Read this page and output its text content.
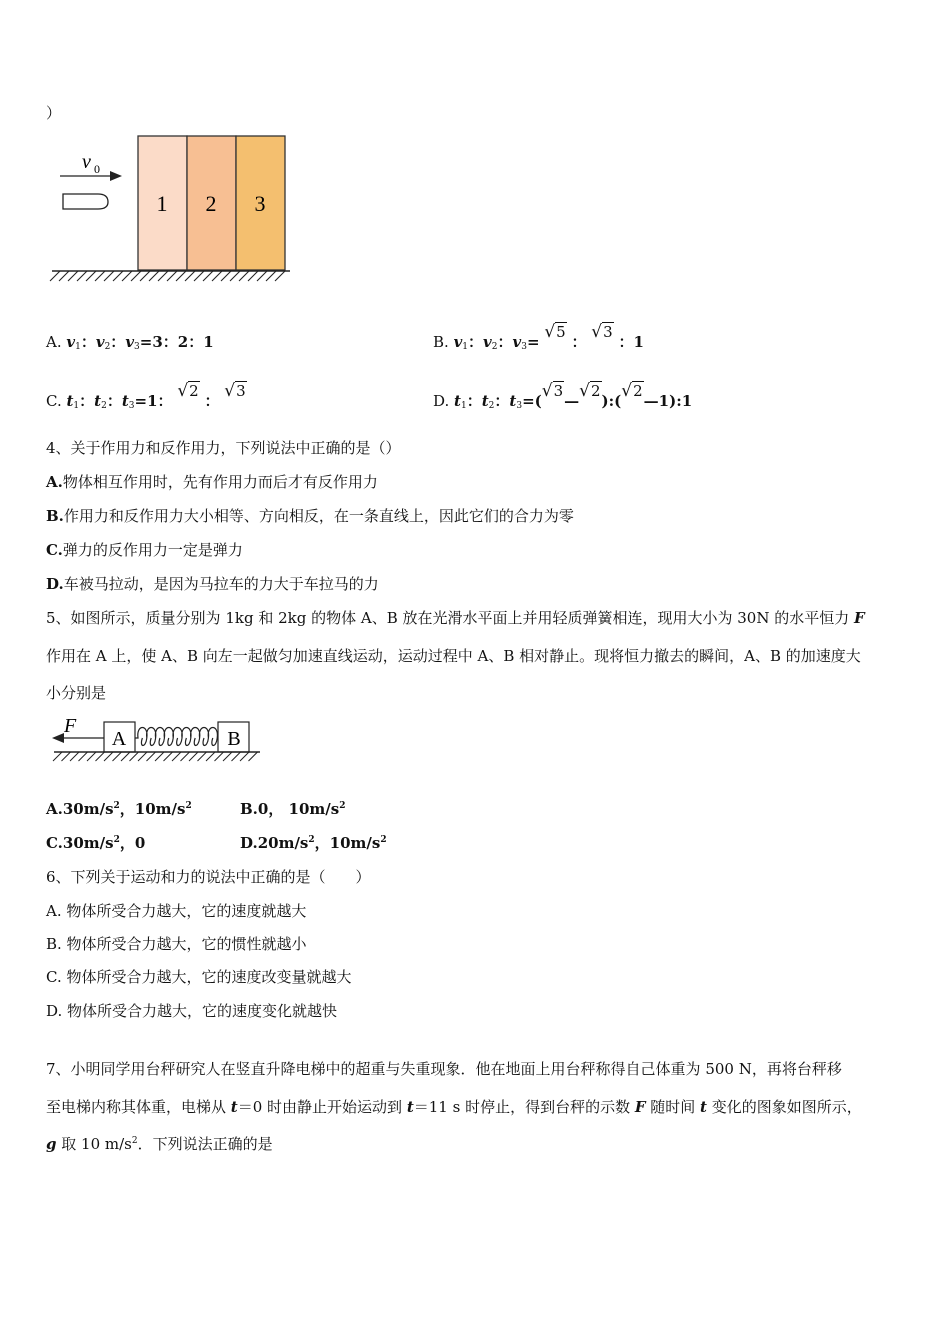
）
v 0
1 2 3
A. $v_1$：$v_2$：$v_3=3$：2：1	B. $v_1$：$v_2$：$v_3= √5$ ： √3 ：1
C. $t_1$：$t_2$：$t_3=1$： √2 ： √3
D. $t_1$：$t_2$：$t_3=(√3—√2):(√2—1):1$
4、关于作用力和反作用力，下列说法中正确的是（）
A.物体相互作用时，先有作用力而后才有反作用力
B.作用力和反作用力大小相等、方向相反，在一条直线上，因此它们的合力为零
C.弹力的反作用力一定是弹力
D.车被马拉动，是因为马拉车的力大于车拉马的力
5、如图所示，质量分别为 1kg 和 2kg 的物体 A、B 放在光滑水平面上并用轻质弹簧相连，现用大小为 30N 的水平恒力 F
作用在 A 上，使 A、B 向左一起做匀加速直线运动，运动过程中 A、B 相对静止。现将恒力撤去的瞬间，A、B 的加速度大
小分别是
F
A	B
$A.30m/s^2$，$10m/s^2$	B.0， $10m/s^2$
$C.30m/s^2$，0	$D.20m/s^2$，$10m/s^2$
6、下列关于运动和力的说法中正确的是（　　）
A. 物体所受合力越大，它的速度就越大
B. 物体所受合力越大，它的惯性就越小
C. 物体所受合力越大，它的速度改变量就越大
D. 物体所受合力越大，它的速度变化就越快
7、小明同学用台秤研究人在竖直升降电梯中的超重与失重现象．他在地面上用台秤称得自己体重为 500 N，再将台秤移
至电梯内称其体重，电梯从 t＝0 时由静止开始运动到 t＝11 s 时停止，得到台秤的示数 F 随时间 t 变化的图象如图所示，
g 取 10 $m/s^2$．下列说法正确的是
